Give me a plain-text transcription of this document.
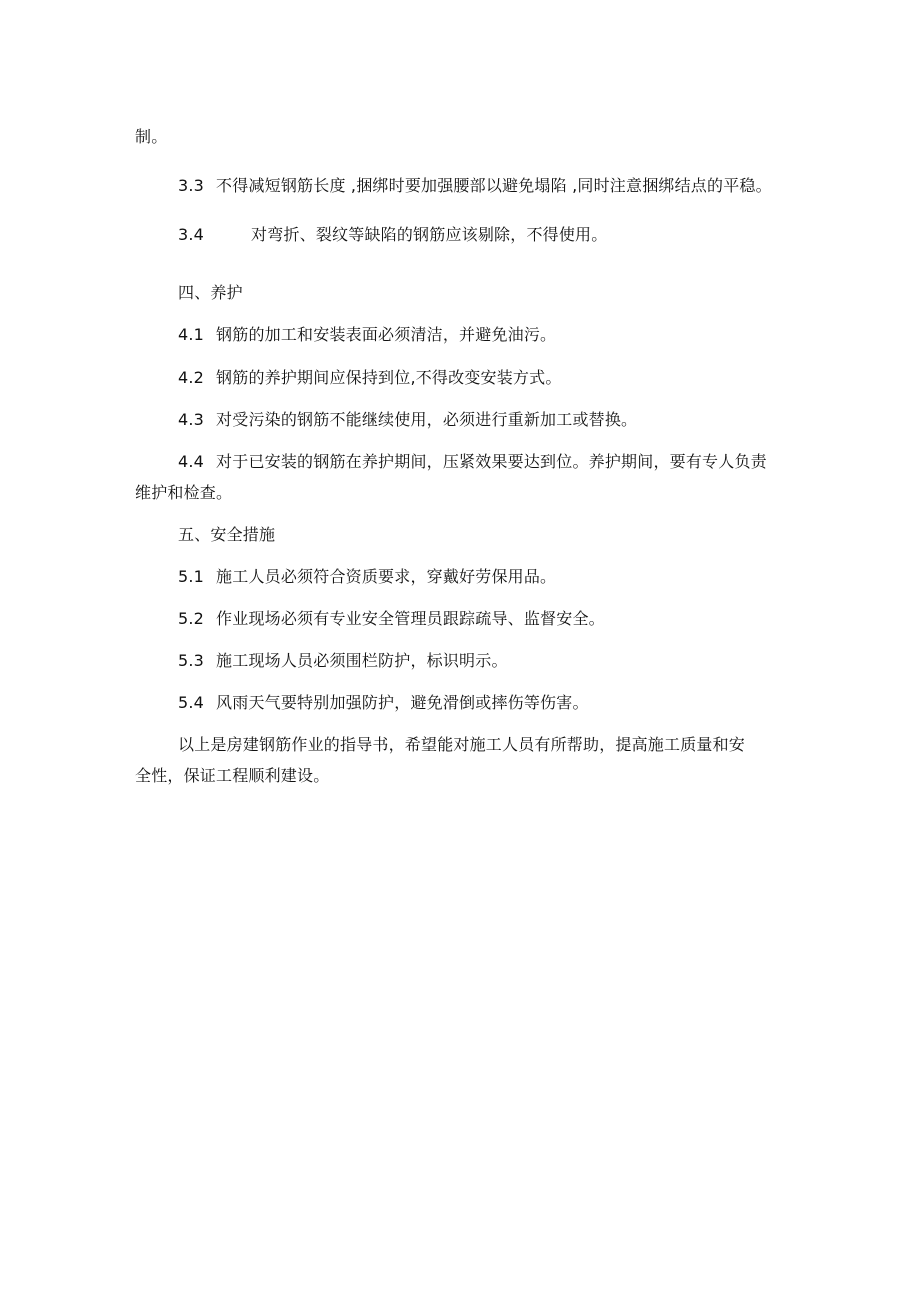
制。
3.3 不得减短钢筋长度 ,捆绑时要加强腰部以避免塌陷 ,同时注意捆绑结点的平稳。
3.4	对弯折、裂纹等缺陷的钢筋应该剔除，不得使用。
四、养护
4.1 钢筋的加工和安装表面必须清洁，并避免油污。
4.2 钢筋的养护期间应保持到位,不得改变安装方式。
4.3 对受污染的钢筋不能继续使用，必须进行重新加工或替换。
4.4 对于已安装的钢筋在养护期间，压紧效果要达到位。养护期间，要有专人负责
维护和检查。
五、安全措施
5.1 施工人员必须符合资质要求，穿戴好劳保用品。
5.2 作业现场必须有专业安全管理员跟踪疏导、监督安全。
5.3 施工现场人员必须围栏防护，标识明示。
5.4 风雨天气要特别加强防护，避免滑倒或摔伤等伤害。
以上是房建钢筋作业的指导书，希望能对施工人员有所帮助，提高施工质量和安
全性，保证工程顺利建设。
